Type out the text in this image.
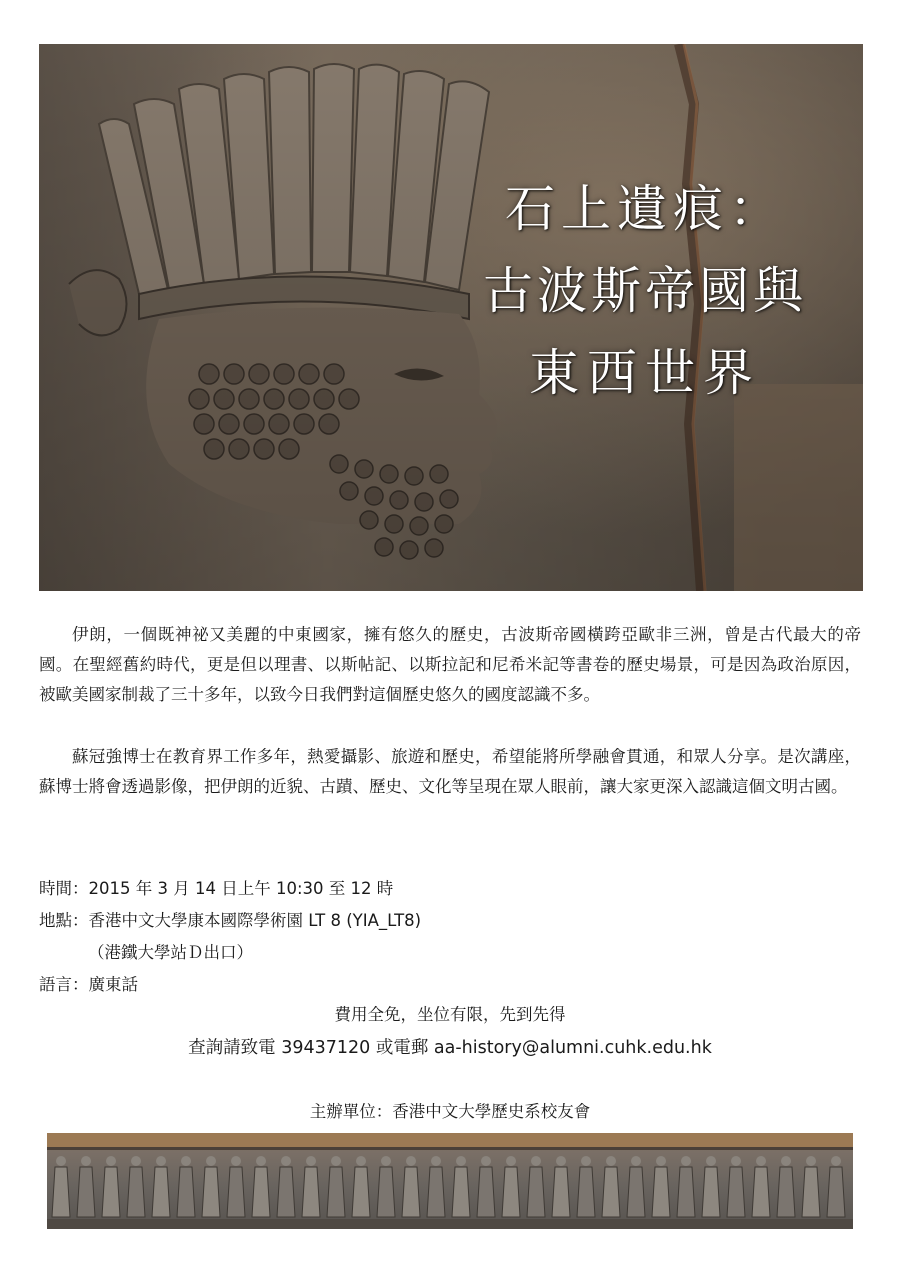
石上遺痕：
古波斯帝國與
東西世界
伊朗，一個既神祕又美麗的中東國家，擁有悠久的歷史，古波斯帝國橫跨亞歐非三洲，曾是古代最大的帝國。在聖經舊約時代，更是但以理書、以斯帖記、以斯拉記和尼希米記等書卷的歷史場景，可是因為政治原因，被歐美國家制裁了三十多年，以致今日我們對這個歷史悠久的國度認識不多。
蘇冠強博士在教育界工作多年，熱愛攝影、旅遊和歷史，希望能將所學融會貫通，和眾人分享。是次講座，蘇博士將會透過影像，把伊朗的近貌、古蹟、歷史、文化等呈現在眾人眼前，讓大家更深入認識這個文明古國。
時間：2015 年 3 月 14 日上午 10:30 至 12 時
地點：香港中文大學康本國際學術園 LT 8 (YIA_LT8)
（港鐵大學站Ｄ出口）
語言：廣東話
費用全免，坐位有限，先到先得
查詢請致電 39437120 或電郵 aa-history@alumni.cuhk.edu.hk
主辦單位：香港中文大學歷史系校友會
